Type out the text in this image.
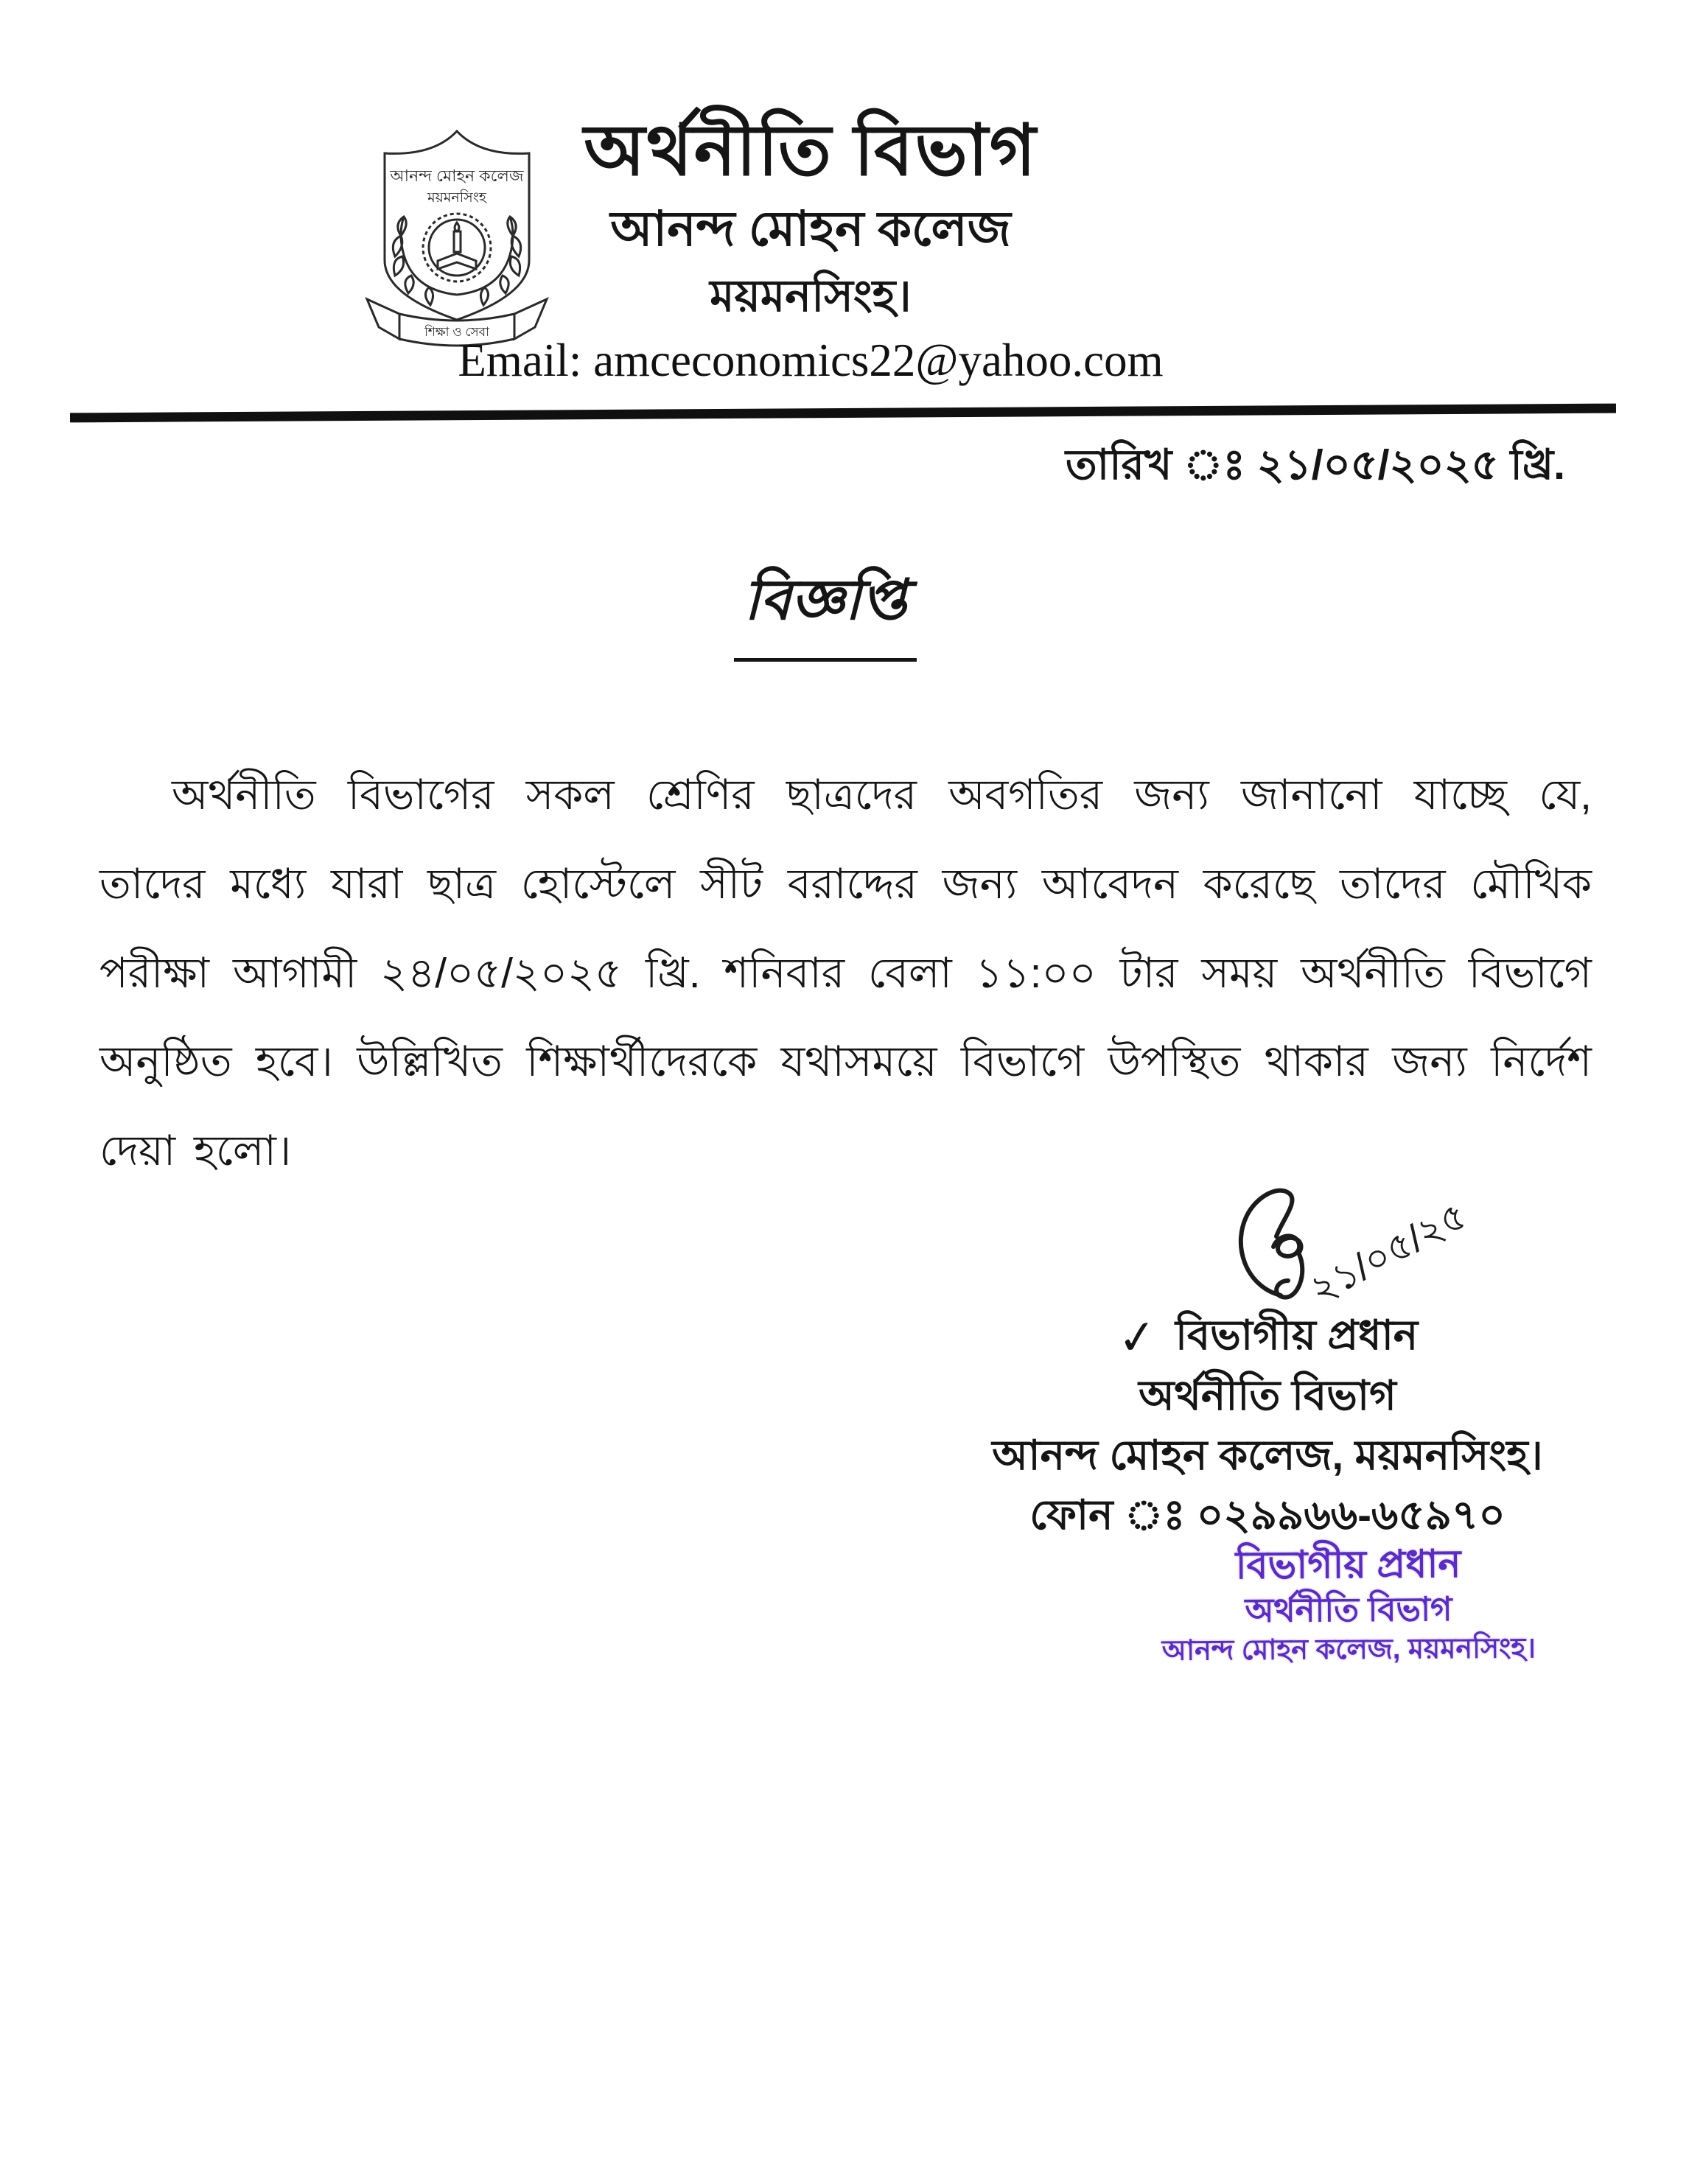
আনন্দ মোহন কলেজ
ময়মনসিংহ
শিক্ষা ও সেবা
অর্থনীতি বিভাগ
আনন্দ মোহন কলেজ
ময়মনসিংহ।
Email: amceconomics22@yahoo.com
তারিখ ঃ ২১/০৫/২০২৫ খ্রি.
বিজ্ঞপ্তি

অর্থনীতি বিভাগের সকল শ্রেণির ছাত্রদের অবগতির জন্য জানানো যাচ্ছে যে, তাদের মধ্যে যারা ছাত্র হোস্টেলে সীট বরাদ্দের জন্য আবেদন করেছে তাদের মৌখিক পরীক্ষা আগামী ২৪/০৫/২০২৫ খ্রি. শনিবার বেলা ১১:০০ টার সময় অর্থনীতি বিভাগে অনুষ্ঠিত হবে। উল্লিখিত শিক্ষার্থীদেরকে যথাসময়ে বিভাগে উপস্থিত থাকার জন্য নির্দেশ দেয়া হলো।

২১/০৫/২৫
✓ বিভাগীয় প্রধান
অর্থনীতি বিভাগ
আনন্দ মোহন কলেজ, ময়মনসিংহ।
ফোন ঃ ০২৯৯৬৬-৬৫৯৭০
বিভাগীয় প্রধান
অর্থনীতি বিভাগ
আনন্দ মোহন কলেজ, ময়মনসিংহ।
